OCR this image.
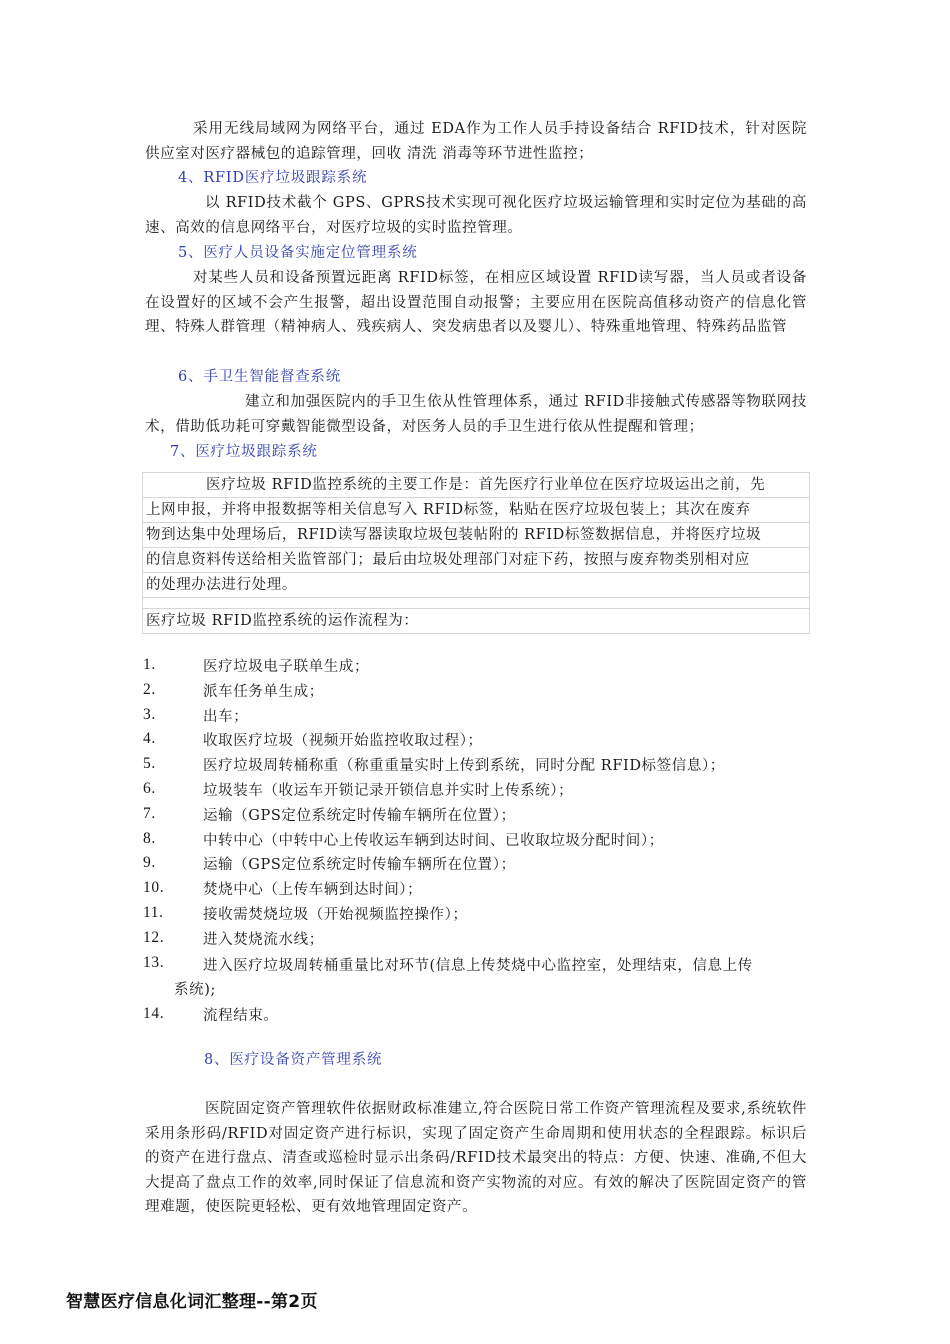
采用无线局域网为网络平台，通过 EDA作为工作人员手持设备结合 RFID技术，针对医院供应室对医疗器械包的追踪管理，回收 清洗 消毒等环节进性监控；
4、RFID医疗垃圾跟踪系统
以 RFID技术截个 GPS、GPRS技术实现可视化医疗垃圾运输管理和实时定位为基础的高速、高效的信息网络平台，对医疗垃圾的实时监控管理。
5、医疗人员设备实施定位管理系统
对某些人员和设备预置远距离 RFID标签，在相应区域设置 RFID读写器，当人员或者设备在设置好的区域不会产生报警，超出设置范围自动报警；主要应用在医院高值移动资产的信息化管理、特殊人群管理（精神病人、残疾病人、突发病患者以及婴儿）、特殊重地管理、特殊药品监管
6、手卫生智能督查系统
建立和加强医院内的手卫生依从性管理体系，通过 RFID非接触式传感器等物联网技术，借助低功耗可穿戴智能微型设备，对医务人员的手卫生进行依从性提醒和管理；
7、医疗垃圾跟踪系统
医疗垃圾 RFID监控系统的主要工作是：首先医疗行业单位在医疗垃圾运出之前，先
上网申报，并将申报数据等相关信息写入 RFID标签，粘贴在医疗垃圾包装上；其次在废弃
物到达集中处理场后，RFID读写器读取垃圾包装帖附的 RFID标签数据信息，并将医疗垃圾
的信息资料传送给相关监管部门；最后由垃圾处理部门对症下药，按照与废弃物类别相对应
的处理办法进行处理。
医疗垃圾 RFID监控系统的运作流程为：
1.	医疗垃圾电子联单生成；
2.	派车任务单生成；
3.	出车；
4.	收取医疗垃圾（视频开始监控收取过程）；
5.	医疗垃圾周转桶称重（称重重量实时上传到系统，同时分配 RFID标签信息）；
6.	垃圾装车（收运车开锁记录开锁信息并实时上传系统）；
7.	运输（GPS定位系统定时传输车辆所在位置）；
8.	中转中心（中转中心上传收运车辆到达时间、已收取垃圾分配时间）；
9.	运输（GPS定位系统定时传输车辆所在位置）；
10.	焚烧中心（上传车辆到达时间）；
11.	接收需焚烧垃圾（开始视频监控操作）；
12.	进入焚烧流水线；
13.	进入医疗垃圾周转桶重量比对环节(信息上传焚烧中心监控室，处理结束，信息上传
系统);
14.	流程结束。
8、医疗设备资产管理系统
医院固定资产管理软件依据财政标准建立,符合医院日常工作资产管理流程及要求,系统软件采用条形码/RFID对固定资产进行标识，实现了固定资产生命周期和使用状态的全程跟踪。标识后的资产在进行盘点、清查或巡检时显示出条码/RFID技术最突出的特点：方便、快速、准确,不但大大提高了盘点工作的效率,同时保证了信息流和资产实物流的对应。有效的解决了医院固定资产的管理难题，使医院更轻松、更有效地管理固定资产。
智慧医疗信息化词汇整理--第2页
